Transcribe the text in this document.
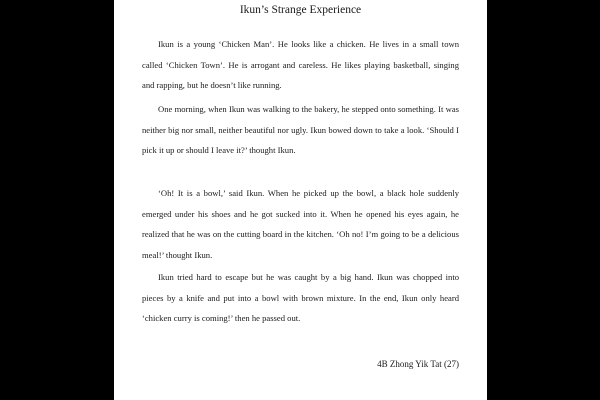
Ikun’s Strange Experience

Ikun is a young ‘Chicken Man’. He looks like a chicken. He lives in a small town called ‘Chicken Town’. He is arrogant and careless. He likes playing basketball, singing and rapping, but he doesn’t like running.

One morning, when Ikun was walking to the bakery, he stepped onto something. It was neither big nor small, neither beautiful nor ugly. Ikun bowed down to take a look. ‘Should I pick it up or should I leave it?’ thought Ikun.

‘Oh! It is a bowl,’ said Ikun. When he picked up the bowl, a black hole suddenly emerged under his shoes and he got sucked into it. When he opened his eyes again, he realized that he was on the cutting board in the kitchen. ‘Oh no! I’m going to be a delicious meal!’ thought Ikun.

Ikun tried hard to escape but he was caught by a big hand. Ikun was chopped into pieces by a knife and put into a bowl with brown mixture. In the end, Ikun only heard ‘chicken curry is coming!’ then he passed out.

4B Zhong Yik Tat (27)
